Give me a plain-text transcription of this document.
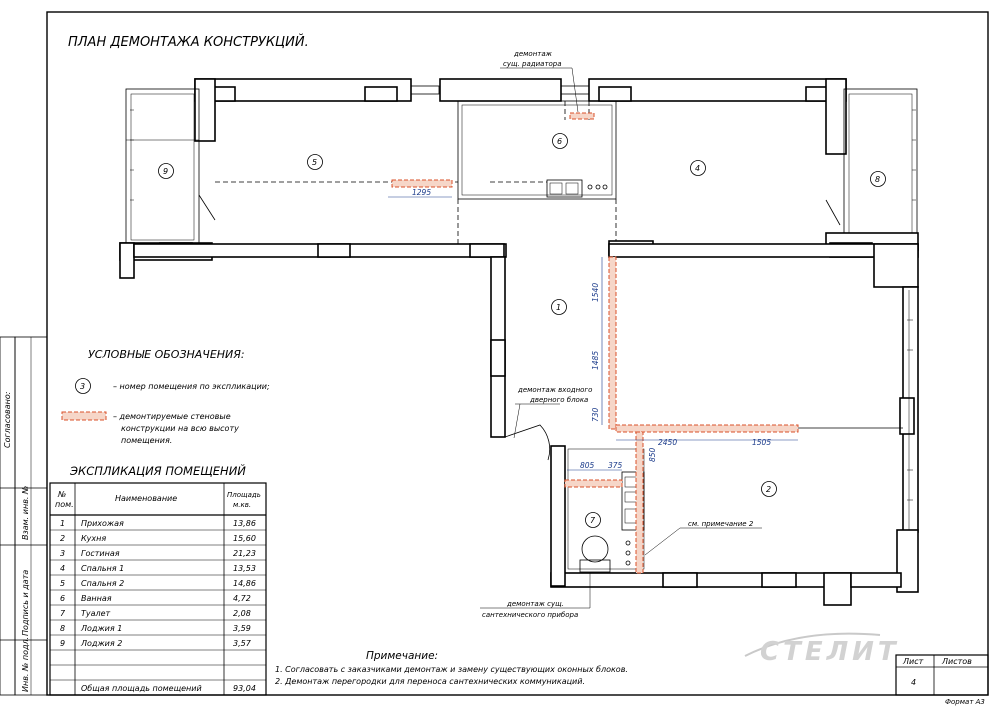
Согласовано:
Взам. инв. №
Подпись и дата
Инв. № подл.
ПЛАН ДЕМОНТАЖА КОНСТРУКЦИЙ.
1
2
4
5
6
7
8
9
1295
1540
1485
730
2450	1505
805 375
850
демонтаж
сущ. радиатора
демонтаж входного
дверного блока
см. примечание 2
демонтаж сущ.
сантехнического прибора
УСЛОВНЫЕ ОБОЗНАЧЕНИЯ:
3	– номер помещения по экспликации;
– демонтируемые стеновые
конструкции на всю высоту
помещения.
ЭКСПЛИКАЦИЯ ПОМЕЩЕНИЙ
№
пом.
Наименование	Площадь
м.кв.
1 Прихожая	13,86
2 Кухня	15,60
3 Гостиная	21,23
4 Спальня 1	13,53
5 Спальня 2	14,86
6 Ванная	4,72
7 Туалет	2,08
8 Лоджия 1	3,59
9 Лоджия 2	3,57
Общая площадь помещений	93,04
Примечание:
1. Согласовать с заказчиками демонтаж и замену существующих оконных блоков.
2. Демонтаж перегородки для переноса сантехнических коммуникаций.
СТЕЛИТ Лист Листов
4
Формат А3
